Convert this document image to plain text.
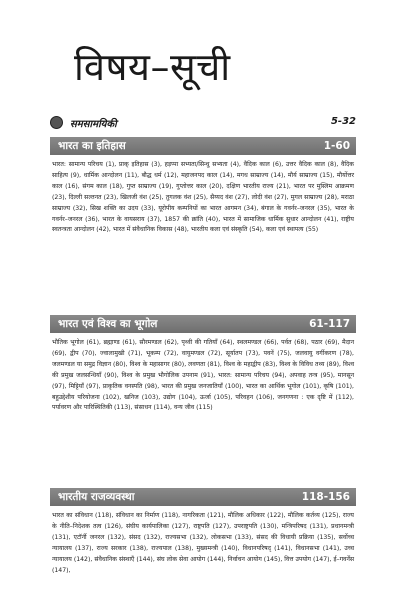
विषय–सूची
समसामयिकी	5-32
भारत का इतिहास	1-60
भारत: सामान्य परिचय (1), प्राक् इतिहास (3), हड़प्पा सभ्यता/सिन्धु सभ्यता (4), वैदिक काल (6), उत्तर वैदिक काल (8), वैदिक साहित्य (9), धार्मिक आन्दोलन (11), बौद्ध धर्म (12), महाजनपद काल (14), मगध साम्राज्य (14), मौर्य साम्राज्य (15), मौर्योत्तर काल (16), संगम काल (18), गुप्त साम्राज्य (19), गुप्तोत्तर काल (20), दक्षिण भारतीय राज्य (21), भारत पर मुस्लिम आक्रमण (23), दिल्ली सल्तनत (23), खिलजी वंश (25), तुगलक वंश (25), सैय्यद वंश (27), लोदी वंश (27), मुगल साम्राज्य (28), मराठा साम्राज्य (32), सिख शक्ति का उदय (33), यूरोपीय कम्पनियों का भारत आगमन (34), बंगाल के गवर्नर–जनरल (35), भारत के गवर्नर–जनरल (36), भारत के वायसराय (37), 1857 की क्रांति (40), भारत में सामाजिक धार्मिक सुधार आन्दोलन (41), राष्ट्रीय स्वतन्त्रता आन्दोलन (42), भारत में संवैधानिक विकास (48), भारतीय कला एवं संस्कृति (54), कला एवं स्थापत्य (55)
भारत एवं विश्व का भूगोल	61-117
भौतिक भूगोल (61), ब्रह्माण्ड (61), सौरमण्डल (62), पृथ्वी की गतियाँ (64), स्थलमण्डल (66), पर्वत (68), पठार (69), मैदान (69), द्वीप (70), ज्वालामुखी (71), भूकम्प (72), वायुमण्डल (72), सूर्यातप (73), पवनें (75), जलवायु वर्गीकरण (78), जलमण्डल या समुद्र विज्ञान (80), विश्व के महासागर (80), लवणता (81), विश्व के महाद्वीप (83), विश्व के विविध तथ्य (89), विश्व की प्रमुख जलसन्धियाँ (90), विश्व के प्रमुख भौगोलिक उपनाम (91), भारत: सामान्य परिचय (94), अपवाह तन्त्र (95), मानसून (97), मिट्टियाँ (97), प्राकृतिक वनस्पति (98), भारत की प्रमुख जनजातियाँ (100), भारत का आर्थिक भूगोल (101), कृषि (101), बहुउद्देशीय परियोजना (102), खनिज (103), उद्योग (104), ऊर्जा (105), परिवहन (106), जनगणना : एक दृष्टि में (112), पर्यावरण और पारिस्थितिकी (113), संसाधन (114), वन्य जीव (115)
भारतीय राजव्यवस्था	118-156
भारत का संविधान (118), संविधान का निर्माण (118), नागरिकता (121), मौलिक अधिकार (122), मौलिक कर्तव्य (125), राज्य के नीति–निदेशक तत्व (126), संघीय कार्यपालिका (127), राष्ट्रपति (127), उपराष्ट्रपति (130), मन्त्रिपरिषद (131), प्रधानमन्त्री (131), एटॉर्नी जनरल (132), संसद (132), राज्यसभा (132), लोकसभा (133), संसद की विधायी प्रक्रिया (135), सर्वोच्च न्यायालय (137), राज्य सरकार (138), राज्यपाल (138), मुख्यमन्त्री (140), विधानपरिषद् (141), विधानसभा (141), उच्च न्यायालय (142), संवैधानिक संस्थाएँ (144), संघ लोक सेवा आयोग (144), निर्वाचन आयोग (145), वित्त उपयोग (147), ई–गवर्नेंस (147),
